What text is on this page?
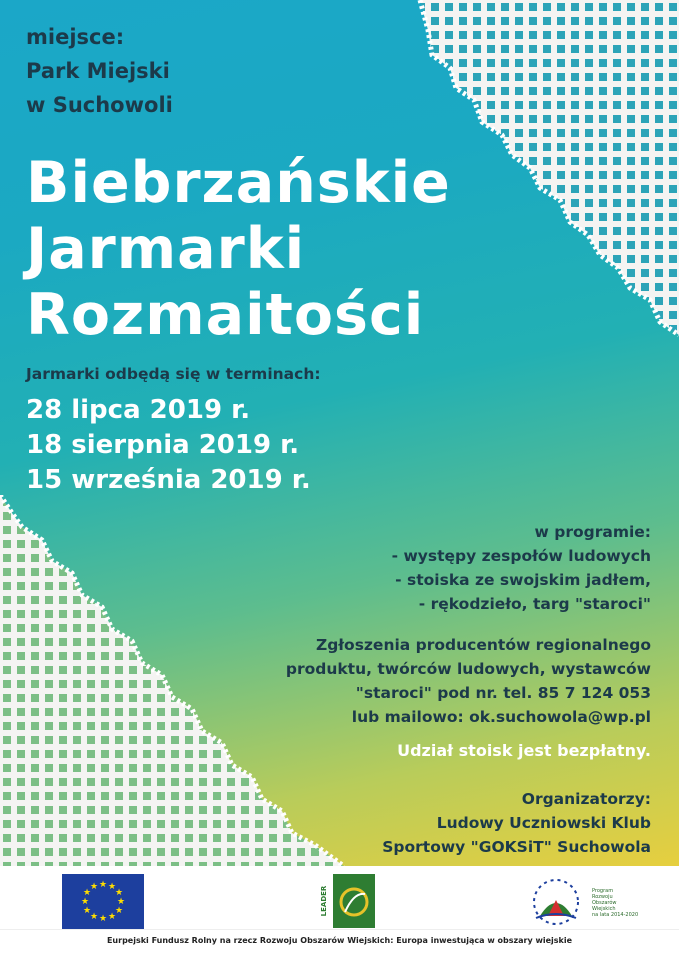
miejsce:
Park Miejski
w Suchowoli
Biebrzańskie
Jarmarki
Rozmaitości
Jarmarki odbędą się w terminach:
28 lipca 2019 r.
18 sierpnia 2019 r.
15 września 2019 r.
w programie:
- występy zespołów ludowych
- stoiska ze swojskim jadłem,
- rękodzieło, targ "staroci"
Zgłoszenia producentów regionalnego
produktu, twórców ludowych, wystawców
"staroci" pod nr. tel. 85 7 124 053
lub mailowo: ok.suchowola@wp.pl
Udział stoisk jest bezpłatny.
Organizatorzy:
Ludowy Uczniowski Klub
Sportowy "GOKSiT" Suchowola
★ ★
★
★
★
★
★
★
★
★
★
★	LEADER	Program
Rozwoju
Obszarów
Wiejskich
na lata 2014-2020
Eurpejski Fundusz Rolny na rzecz Rozwoju Obszarów Wiejskich: Europa inwestująca w obszary wiejskie
